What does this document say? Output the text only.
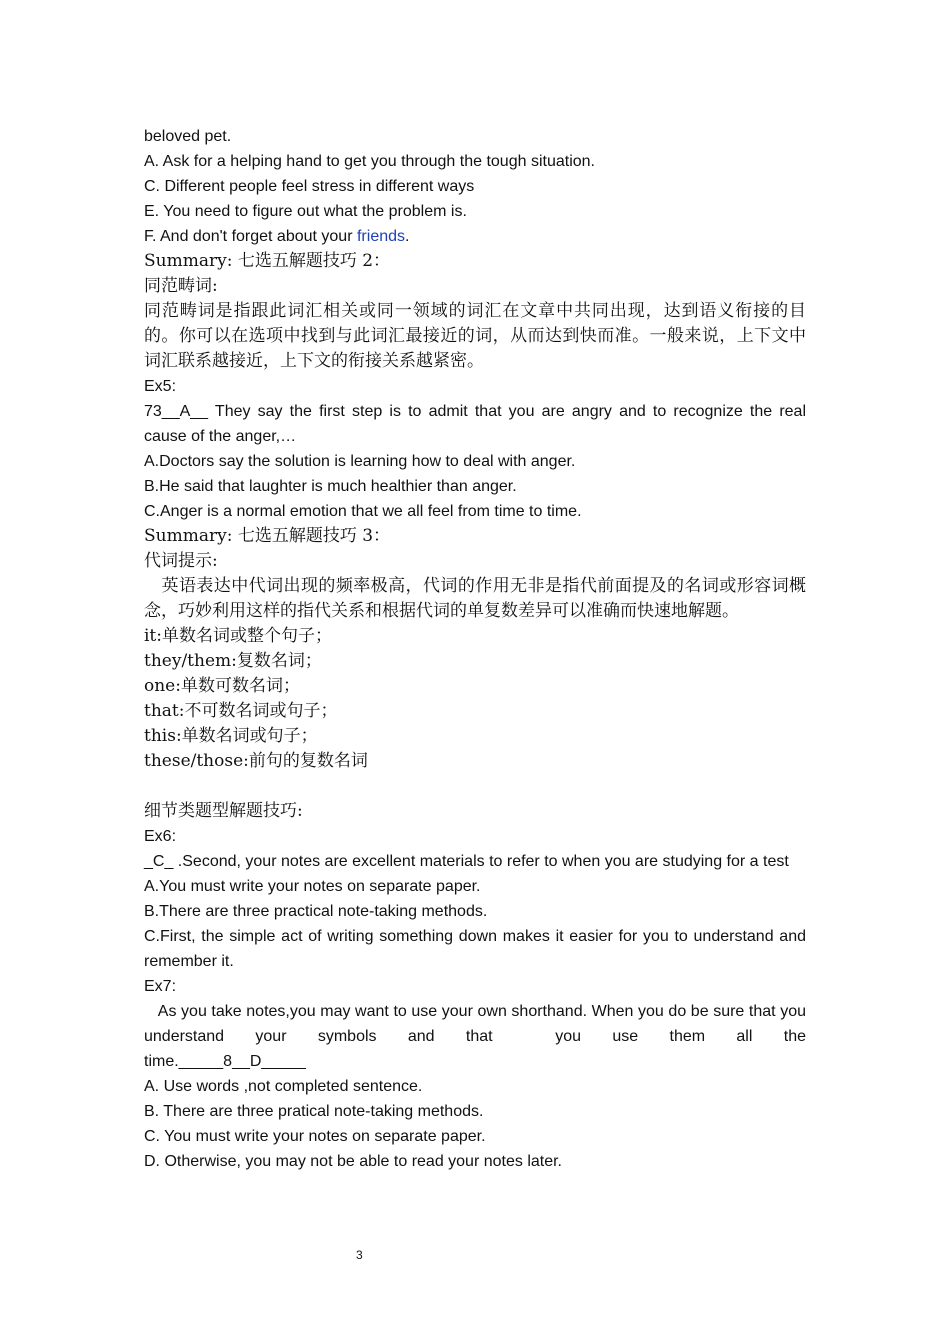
beloved pet.
A. Ask for a helping hand to get you through the tough situation.
C. Different people feel stress in different ways
E. You need to figure out what the problem is.
F. And don't forget about your friends.
Summary: 七选五解题技巧 2：
同范畴词:
同范畴词是指跟此词汇相关或同一领域的词汇在文章中共同出现，达到语义衔接的目的。你可以在选项中找到与此词汇最接近的词，从而达到快而准。一般来说，上下文中词汇联系越接近，上下文的衔接关系越紧密。
Ex5:
73__A__ They say the first step is to admit that you are angry and to recognize the real cause of the anger,…
A.Doctors say the solution is learning how to deal with anger.
B.He said that laughter is much healthier than anger.
C.Anger is a normal emotion that we all feel from time to time.
Summary: 七选五解题技巧 3：
代词提示:
英语表达中代词出现的频率极高，代词的作用无非是指代前面提及的名词或形容词概念，巧妙利用这样的指代关系和根据代词的单复数差异可以准确而快速地解题。
it:单数名词或整个句子；
they/them:复数名词；
one:单数可数名词；
that:不可数名词或句子；
this:单数名词或句子；
these/those:前句的复数名词
细节类题型解题技巧:
Ex6:
_C_ .Second, your notes are excellent materials to refer to when you are studying for a test
A.You must write your notes on separate paper.
B.There are three practical note-taking methods.
C.First, the simple act of writing something down makes it easier for you to understand and remember it.
Ex7:
As you take notes,you may want to use your own shorthand. When you do be sure that you understand your symbols and that  you use them all the
time._____8__D_____
A. Use words ,not completed sentence.
B. There are three pratical note-taking methods.
C. You must write your notes on separate paper.
D. Otherwise, you may not be able to read your notes later.
3
